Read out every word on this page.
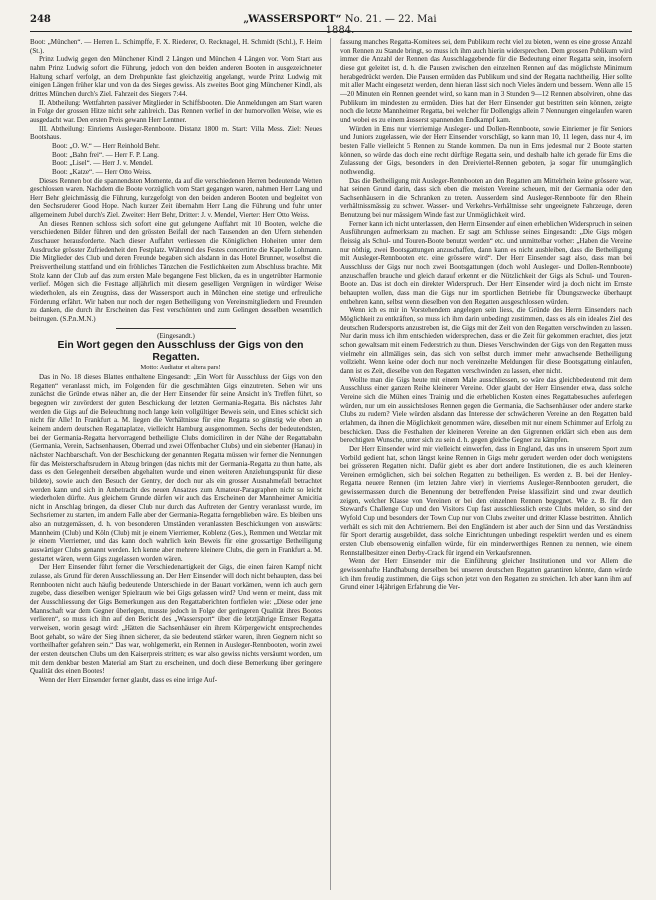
248	„WASSERSPORT“ No. 21. — 22. Mai

Boot: „München“. — Herren L. Schimpffe, F. X. Riederer, O. Recknagel, H. Schmidt (Schl.), F. Heim (St.).

Prinz Ludwig gegen den Münchener Kindl 2 Längen und München 4 Längen vor. Vom Start aus nahm Prinz Ludwig sofort die Führung, jedoch von den beiden anderen Booten in ausgezeichneter Haltung scharf verfolgt, an dem Drehpunkte fast gleichzeitig angelangt, wurde Prinz Ludwig mit einigen Längen früher klar und von da des Sieges gewiss. Als zweites Boot ging Münchener Kindl, als drittes München durch's Ziel. Fahrzeit des Siegers 7:44.

II. Abtheilung: Wettfahrten passiver Mitglieder in Schiffsbooten. Die Anmeldungen am Start waren in Folge der grossen Hitze nicht sehr zahlreich. Das Rennen verlief in der humorvollen Weise, wie es ausgedacht war. Den ersten Preis gewann Herr Lentner.

III. Abtheilung: Einriems Ausleger-Rennboote. Distanz 1800 m. Start: Villa Mess. Ziel: Neues Bootshaus.

Boot: „O. W.“ — Herr Reinhold Behr.

Boot: „Bahn frei“. — Herr F. P. Lang.

Boot: „Lisel“. — Herr J. v. Mendel.

Boot: „Katze“. — Herr Otto Weiss.

Dieses Rennen bot die spannendsten Momente, da auf die verschiedenen Herren bedeutende Wetten geschlossen waren. Nachdem die Boote vorzüglich vom Start gegangen waren, nahmen Herr Lang und Herr Behr gleichmässig die Führung, kurzgefolgt von den beiden anderen Booten und begleitet von den Sechsruderer Good Hope. Nach kurzer Zeit übernahm Herr Lang die Führung und fuhr unter allgemeinem Jubel durch's Ziel. Zweiter: Herr Behr, Dritter: J. v. Mendel, Vierter: Herr Otto Weiss.

An dieses Rennen schloss sich sofort eine gut gelungene Auffahrt mit 10 Booten, welche die verschiedenen Bilder führen und den grössten Beifall der nach Tausenden an den Ufern stehenden Zuschauer herausforderte. Nach dieser Auffahrt verliessen die Königlichen Hoheiten unter dem Ausdrucke grösster Zufriedenheit den Festplatz. Während des Festes concertirte die Kapelle Lohmann. Die Mitglieder des Club und deren Freunde begaben sich alsdann in das Hotel Brunner, woselbst die Preisvertheilung stattfand und ein fröhliches Tänzchen die Festlichkeiten zum Abschluss brachte. Mit Stolz kann der Club auf das zum ersten Male begangene Fest blicken, da es in ungetrübter Harmonie verlief. Mögen sich die Festtage alljährlich mit diesem geselligen Vergnügen in würdiger Weise wiederholen, als ein Zeugniss, dass der Wassersport auch in München eine stetige und erfreuliche Förderung erfährt. Wir haben nur noch der regen Betheiligung von Vereinsmitgliedern und Freunden zu danken, die durch ihr Erscheinen das Fest verschönten und zum Gelingen desselben wesentlich beitrugen. (S.P.n.M.N.)

(Eingesandt.)

Ein Wort gegen den Ausschluss der Gigs von den Regatten.

Motto: Audiatur et altera pars!

Das in No. 18 dieses Blattes enthaltene Eingesandt: „Ein Wort für Ausschluss der Gigs von den Regatten“ veranlasst mich, im Folgenden für die geschmähten Gigs einzutreten. Sehen wir uns zunächst die Gründe etwas näher an, die der Herr Einsender für seine Ansicht in's Treffen führt, so begegnen wir zuvörderst der guten Beschickung der letzten Germania-Regatta. Bis nächstes Jahr werden die Gigs auf die Beleuchtung noch lange kein vollgültiger Beweis sein, und Eines schickt sich nicht für Alle! In Frankfurt a. M. liegen die Verhältnisse für eine Regatta so günstig wie eben an keinem andern deutschen Regattaplatze, vielleicht Hamburg ausgenommen. Sechs der bedeutendsten, bei der Germania-Regatta hervorragend betheiligte Clubs domiciliren in der Nähe der Regattabahn (Germania, Verein, Sachsenhausen, Oberrad und zwei Offenbacher Clubs) und ein siebenter (Hanau) in nächster Nachbarschaft. Von der Beschickung der genannten Regatta müssen wir ferner die Nennungen für das Meisterschaftsrudern in Abzug bringen (das nichts mit der Germania-Regatta zu thun hatte, als dass es den Gelegenheit derselben abgehalten wurde und einen weiteren Anziehungspunkt für diese bildete), sowie auch den Besuch der Gentry, der doch nur als ein grosser Ausnahmefall betrachtet werden kann und sich in Anbetracht des neuen Ansatzes zum Amateur-Paragraphen nicht so leicht wiederholen dürfte. Aus gleichem Grunde dürfen wir auch das Erscheinen der Mannheimer Amicitia nicht in Anschlag bringen, da dieser Club nur durch das Auftreten der Gentry veranlasst wurde, im Sechsriemer zu starten, im andern Falle aber der Germania-Regatta ferngeblieben wäre. Es bleiben uns also an nutzgemässen, d. h. von besonderen Umständen veranlassten Beschickungen von auswärts: Mannheim (Club) und Köln (Club) mit je einem Vierriemer, Koblenz (Ges.), Remmen und Wetzlar mit je einem Vierriemer, und das kann doch wahrlich kein Beweis für eine grossartige Betheiligung auswärtiger Clubs genannt werden. Ich kenne aber mehrere kleinere Clubs, die gern in Frankfurt a. M. gestartet wären, wenn Gigs zugelassen worden wären.

Der Herr Einsender führt ferner die Verschiedenartigkeit der Gigs, die einen fairen Kampf nicht zulasse, als Grund für deren Ausschliessung an. Der Herr Einsender will doch nicht behaupten, dass bei Rennbooten nicht auch häufig bedeutende Unterschiede in der Bauart vorkämen, wenn ich auch gern zugebe, dass dieselben weniger Spielraum wie bei Gigs gelassen wird? Und wenn er meint, dass mit der Ausschliessung der Gigs Bemerkungen aus den Regattaberichten fortfielen wie: „Diese oder jene Mannschaft war dem Gegner überlegen, musste jedoch in Folge der geringeren Qualität ihres Bootes verlieren“, so muss ich ihn auf den Bericht des „Wassersport“ über die letztjährige Emser Regatta verweisen, worin gesagt wird: „Hätten die Sachsenhäuser ein ihrem Körpergewicht entsprechendes Boot gehabt, so wäre der Sieg ihnen sicherer, da sie bedeutend stärker waren, ihren Gegnern nicht so vortheilhafter gefahren sein.“ Das war, wohlgemerkt, ein Rennen in Ausleger-Rennbooten, worin zwei der ersten deutschen Clubs um den Kaiserpreis stritten; es war also gewiss nichts versäumt worden, um mit dem denkbar besten Material am Start zu erscheinen, und doch diese Bemerkung über geringere Qualität des einen Bootes!

Wenn der Herr Einsender ferner glaubt, dass es eine irrige Auf-

fassung manches Regatta-Komitees sei, dem Publikum recht viel zu bieten, wenn es eine grosse Anzahl von Rennen zu Stande bringt, so muss ich ihm auch hierin widersprechen. Dem grossen Publikum wird immer die Anzahl der Rennen das Ausschlaggebende für die Bedeutung einer Regatta sein, insofern diese gut geleitet ist, d. h. die Pausen zwischen den einzelnen Rennen auf das möglichste Minimum herabgedrückt werden. Die Pausen ermüden das Publikum und sind der Regatta nachtheilig. Hier sollte mit aller Macht eingesetzt werden, denn hieran lässt sich noch Vieles ändern und bessern. Wenn alle 15—20 Minuten ein Rennen geendet wird, so kann man in 3 Stunden 9—12 Rennen absolviren, ohne das Publikum im mindesten zu ermüden. Dies hat der Herr Einsender gut bestritten sein können, zeigte noch die letzte Mannheimer Regatta, bei welcher für Dollengigs allein 7 Nennungen eingelaufen waren und wobei es zu einem äusserst spannenden Endkampf kam.

Würden in Ems nur vierriemige Ausleger- und Dollen-Rennboote, sowie Einriemer je für Seniors und Juniors zugelassen, wie der Herr Einsender vorschlägt, so kann man 10, 11 legen, dass nur 4, im besten Falle vielleicht 5 Rennen zu Stande kommen. Da nun in Ems jedesmal nur 2 Boote starten können, so würde das doch eine recht dürftige Regatta sein, und deshalb halte ich gerade für Ems die Zulassung der Gigs, besonders in den Dreiviertel-Rennen geboten, ja sogar für unumgänglich nothwendig.

Das die Betheiligung mit Ausleger-Rennbooten an den Regatten am Mittelrhein keine grössere war, hat seinen Grund darin, dass sich eben die meisten Vereine scheuen, mit der Germania oder den Sachsenhäusern in die Schranken zu treten. Ausserdem sind Ausleger-Rennboote für den Rhein verhältnissmässig zu schwer. Wasser- und Verkehrs-Verhältnisse sehr ungeeignete Fahrzeuge, deren Benutzung bei nur mässigem Winde fast zur Unmöglichkeit wird.

Ferner kann ich nicht unterlassen, den Herrn Einsender auf einen erheblichen Widerspruch in seinen Ausführungen aufmerksam zu machen. Er sagt am Schlusse seines Eingesandt: „Die Gigs mögen fleissig als Schul- und Touren-Boote benutzt werden“ etc. und unmittelbar vorher: „Haben die Vereine nur nöthig, zwei Bootsgattungen anzuschaffen, dann kann es nicht ausbleiben, dass die Betheiligung mit Ausleger-Rennbooten etc. eine grössere wird“. Der Herr Einsender sagt also, dass man bei Ausschluss der Gigs nur noch zwei Bootsgattungen (doch wohl Ausleger- und Dollen-Rennboote) anzuschaffen brauche und gleich darauf erkennt er die Nützlichkeit der Gigs als Schul- und Touren-Boote an. Das ist doch ein direkter Widerspruch. Der Herr Einsender wird ja doch nicht im Ernste behaupten wollen, dass man die Gigs nur im sportlichen Betriebe für Übungszwecke überhaupt entbehren kann, selbst wenn dieselben von den Regatten ausgeschlossen würden.

Wenn ich es mir in Vorstehendem angelegen sein liess, die Gründe des Herrn Einsenders nach Möglichkeit zu entkräften, so muss ich ihm darin unbedingt zustimmen, dass es als ein ideales Ziel des deutschen Rudersports anzustreben ist, die Gigs mit der Zeit von den Regatten verschwinden zu lassen. Nur darin muss ich ihm entschieden widersprechen, dass er die Zeit für gekommen erachtet, dies jetzt schon gewaltsam mit einem Federstrich zu thun. Dieses Verschwinden der Gigs von den Regatten muss vielmehr ein allmäliges sein, das sich von selbst durch immer mehr anwachsende Betheiligung vollzieht. Wenn keine oder doch nur noch vereinzelte Meldungen für diese Bootsgattung einlaufen, dann ist es Zeit, dieselbe von den Regatten verschwinden zu lassen, eher nicht.

Wollte man die Gigs heute mit einem Male ausschliessen, so wäre das gleichbedeutend mit dem Ausschluss einer ganzen Reihe kleinerer Vereine. Oder glaubt der Herr Einsender etwa, dass solche Vereine sich die Mühen eines Trainig und die erheblichen Kosten eines Regattabesuches auferlegen würden, nur um ein aussichtsloses Rennen gegen die Germania, die Sachsenhäuser oder andere starke Clubs zu rudern? Viele würden alsdann das Interesse der schwächeren Vereine an den Regatten bald erlahmen, da ihnen die Möglichkeit genommen wäre, dieselben mit nur einem Schimmer auf Erfolg zu beschicken. Dass die Festhalten der kleineren Vereine an den Gigrennen erklärt sich eben aus dem berechtigten Wunsche, unter sich zu sein d. h. gegen gleiche Gegner zu kämpfen.

Der Herr Einsender wird mir vielleicht einwerfen, dass in England, das uns in unserem Sport zum Vorbild gedient hat, schon längst keine Rennen in Gigs mehr gerudert werden oder doch wenigstens bei grösseren Regatten nicht. Dafür giebt es aber dort andere Institutionen, die es auch kleineren Vereinen ermöglichen, sich bei solchen Regatten zu betheiligen. Es werden z. B. bei der Henley-Regatta neuere Rennen (im letzten Jahre vier) in vierriems Ausleger-Rennbooten gerudert, die gewissermassen durch die Benennung der betreffenden Preise klassifizirt sind und zwar deutlich zeigen, welcher Klasse von Vereinen er bei den einzelnen Rennen begegnet. Wie z. B. für den Steward's Challenge Cup und den Visitors Cup fast ausschliesslich erste Clubs melden, so sind der Wyfold Cup und besonders der Town Cup nur von Clubs zweiter und dritter Klasse bestritten. Ähnlich verhält es sich mit den Achtriemern. Bei den Engländern ist aber auch der Sinn und das Verständniss für Sport derartig ausgebildet, dass solche Einrichtungen unbedingt respektirt werden und es einem ersten Club ebensowenig einfallen würde, für ein minderwerthiges Rennen zu nennen, wie einem Rennstallbesitzer einen Derby-Crack für irgend ein Verkaufsrennen.

Wenn der Herr Einsender mir die Einführung gleicher Institutionen und vor Allem die gewissenhafte Handhabung derselben bei unseren deutschen Regatten garantiren könnte, dann würde ich ihm freudig zustimmen, die Gigs schon jetzt von den Regatten zu streichen. Ich aber kann ihm auf Grund einer 14jährigen Erfahrung die Ver-
